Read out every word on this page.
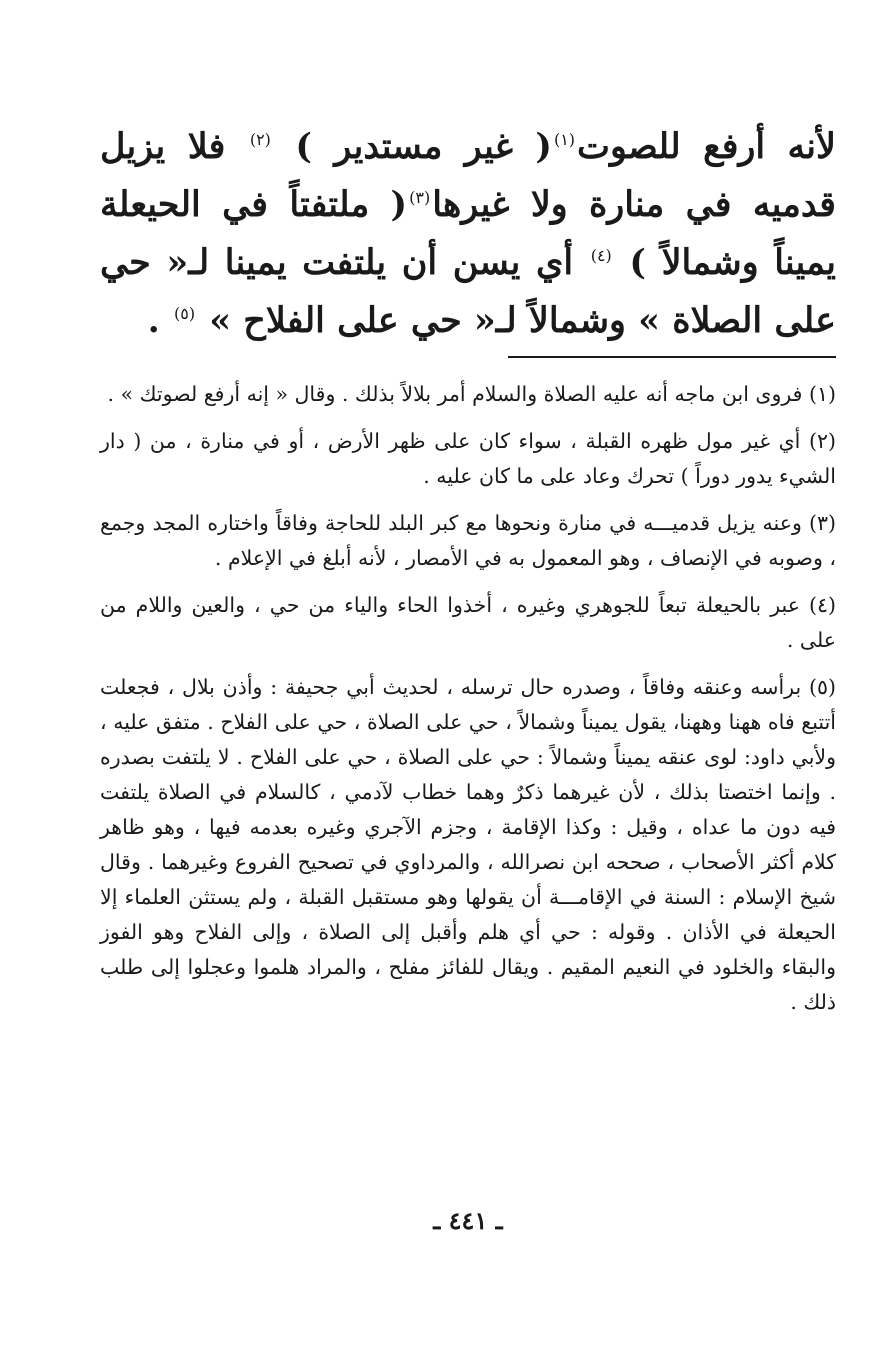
لأنه أرفع للصوت$^{(١)}$( غير مستدير ) $^{(٢)}$ فلا يزيل قدميه في منارة ولا غيرها$^{(٣)}$( ملتفتاً في الحيعلة يميناً وشمالاً ) $^{(٤)}$ أي يسن أن يلتفت يمينا لـ« حي على الصلاة » وشمالاً لـ« حي على الفلاح » $^{(٥)}$ .

(١) فروى ابن ماجه أنه عليه الصلاة والسلام أمر بلالاً بذلك . وقال « إنه أرفع لصوتك » .

(٢) أي غير مول ظهره القبلة ، سواء كان على ظهر الأرض ، أو في منارة ، من ( دار الشيء يدور دوراً ) تحرك وعاد على ما كان عليه .

(٣) وعنه يزيل قدميـــه في منارة ونحوها مع كبر البلد للحاجة وفاقاً واختاره المجد وجمع ، وصوبه في الإنصاف ، وهو المعمول به في الأمصار ، لأنه أبلغ في الإعلام .

(٤) عبر بالحيعلة تبعاً للجوهري وغيره ، أخذوا الحاء والياء من حي ، والعين واللام من على .

(٥) برأسه وعنقه وفاقاً ، وصدره حال ترسله ، لحديث أبي جحيفة : وأذن بلال ، فجعلت أتتبع فاه ههنا وههنا، يقول يميناً وشمالاً ، حي على الصلاة ، حي على الفلاح . متفق عليه ، ولأبي داود: لوى عنقه يميناً وشمالاً : حي على الصلاة ، حي على الفلاح . لا يلتفت بصدره . وإنما اختصتا بذلك ، لأن غيرهما ذكرٌ وهما خطاب لآدمي ، كالسلام في الصلاة يلتفت فيه دون ما عداه ، وقيل : وكذا الإقامة ، وجزم الآجري وغيره بعدمه فيها ، وهو ظاهر كلام أكثر الأصحاب ، صححه ابن نصرالله ، والمرداوي في تصحيح الفروع وغيرهما . وقال شيخ الإسلام : السنة في الإقامـــة أن يقولها وهو مستقبل القبلة ، ولم يستثن العلماء إلا الحيعلة في الأذان . وقوله : حي أي هلم وأقبل إلى الصلاة ، وإلى الفلاح وهو الفوز والبقاء والخلود في النعيم المقيم . ويقال للفائز مفلح ، والمراد هلموا وعجلوا إلى طلب ذلك .

ـ ٤٤١ ـ
